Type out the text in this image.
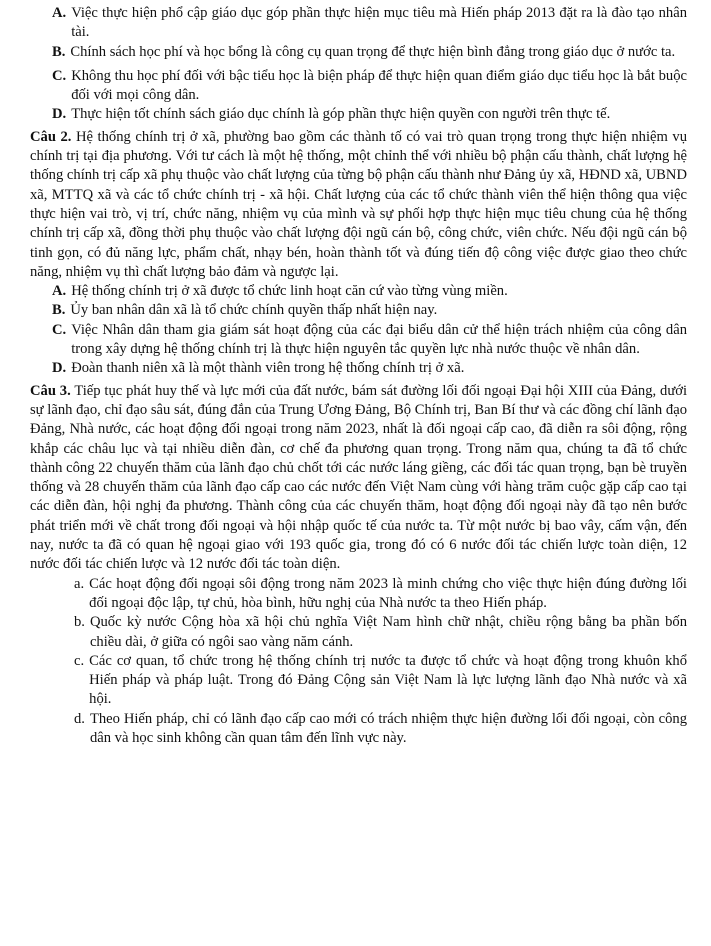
A. Việc thực hiện phổ cập giáo dục góp phần thực hiện mục tiêu mà Hiến pháp 2013 đặt ra là đào tạo nhân tài.
B. Chính sách học phí và học bổng là công cụ quan trọng để thực hiện bình đẳng trong giáo dục ở nước ta.
C. Không thu học phí đối với bậc tiểu học là biện pháp để thực hiện quan điểm giáo dục tiểu học là bắt buộc đối với mọi công dân.
D. Thực hiện tốt chính sách giáo dục chính là góp phần thực hiện quyền con người trên thực tế.

Câu 2. Hệ thống chính trị ở xã, phường bao gồm các thành tố có vai trò quan trọng trong thực hiện nhiệm vụ chính trị tại địa phương. Với tư cách là một hệ thống, một chỉnh thể với nhiều bộ phận cấu thành, chất lượng hệ thống chính trị cấp xã phụ thuộc vào chất lượng của từng bộ phận cấu thành như Đảng ủy xã, HĐND xã, UBND xã, MTTQ xã và các tổ chức chính trị - xã hội. Chất lượng của các tổ chức thành viên thể hiện thông qua việc thực hiện vai trò, vị trí, chức năng, nhiệm vụ của mình và sự phối hợp thực hiện mục tiêu chung của hệ thống chính trị cấp xã, đồng thời phụ thuộc vào chất lượng đội ngũ cán bộ, công chức, viên chức. Nếu đội ngũ cán bộ tinh gọn, có đủ năng lực, phẩm chất, nhạy bén, hoàn thành tốt và đúng tiến độ công việc được giao theo chức năng, nhiệm vụ thì chất lượng bảo đảm và ngược lại.

A. Hệ thống chính trị ở xã được tổ chức linh hoạt căn cứ vào từng vùng miền.
B. Ủy ban nhân dân xã là tổ chức chính quyền thấp nhất hiện nay.
C. Việc Nhân dân tham gia giám sát hoạt động của các đại biểu dân cử thể hiện trách nhiệm của công dân trong xây dựng hệ thống chính trị là thực hiện nguyên tắc quyền lực nhà nước thuộc về nhân dân.
D. Đoàn thanh niên xã là một thành viên trong hệ thống chính trị ở xã.

Câu 3. Tiếp tục phát huy thế và lực mới của đất nước, bám sát đường lối đối ngoại Đại hội XIII của Đảng, dưới sự lãnh đạo, chỉ đạo sâu sát, đúng đắn của Trung Ương Đảng, Bộ Chính trị, Ban Bí thư và các đồng chí lãnh đạo Đảng, Nhà nước, các hoạt động đối ngoại trong năm 2023, nhất là đối ngoại cấp cao, đã diễn ra sôi động, rộng khắp các châu lục và tại nhiều diễn đàn, cơ chế đa phương quan trọng. Trong năm qua, chúng ta đã tổ chức thành công 22 chuyến thăm của lãnh đạo chủ chốt tới các nước láng giềng, các đối tác quan trọng, bạn bè truyền thống và 28 chuyến thăm của lãnh đạo cấp cao các nước đến Việt Nam cùng với hàng trăm cuộc gặp cấp cao tại các diễn đàn, hội nghị đa phương. Thành công của các chuyến thăm, hoạt động đối ngoại này đã tạo nên bước phát triển mới về chất trong đối ngoại và hội nhập quốc tế của nước ta. Từ một nước bị bao vây, cấm vận, đến nay, nước ta đã có quan hệ ngoại giao với 193 quốc gia, trong đó có 6 nước đối tác chiến lược toàn diện, 12 nước đối tác chiến lược và 12 nước đối tác toàn diện.

a. Các hoạt động đối ngoại sôi động trong năm 2023 là minh chứng cho việc thực hiện đúng đường lối đối ngoại độc lập, tự chủ, hòa bình, hữu nghị của Nhà nước ta theo Hiến pháp.
b. Quốc kỳ nước Cộng hòa xã hội chủ nghĩa Việt Nam hình chữ nhật, chiều rộng bằng ba phần bốn chiều dài, ở giữa có ngôi sao vàng năm cánh.
c. Các cơ quan, tổ chức trong hệ thống chính trị nước ta được tổ chức và hoạt động trong khuôn khổ Hiến pháp và pháp luật. Trong đó Đảng Cộng sản Việt Nam là lực lượng lãnh đạo Nhà nước và xã hội.
d. Theo Hiến pháp, chỉ có lãnh đạo cấp cao mới có trách nhiệm thực hiện đường lối đối ngoại, còn công dân và học sinh không cần quan tâm đến lĩnh vực này.
